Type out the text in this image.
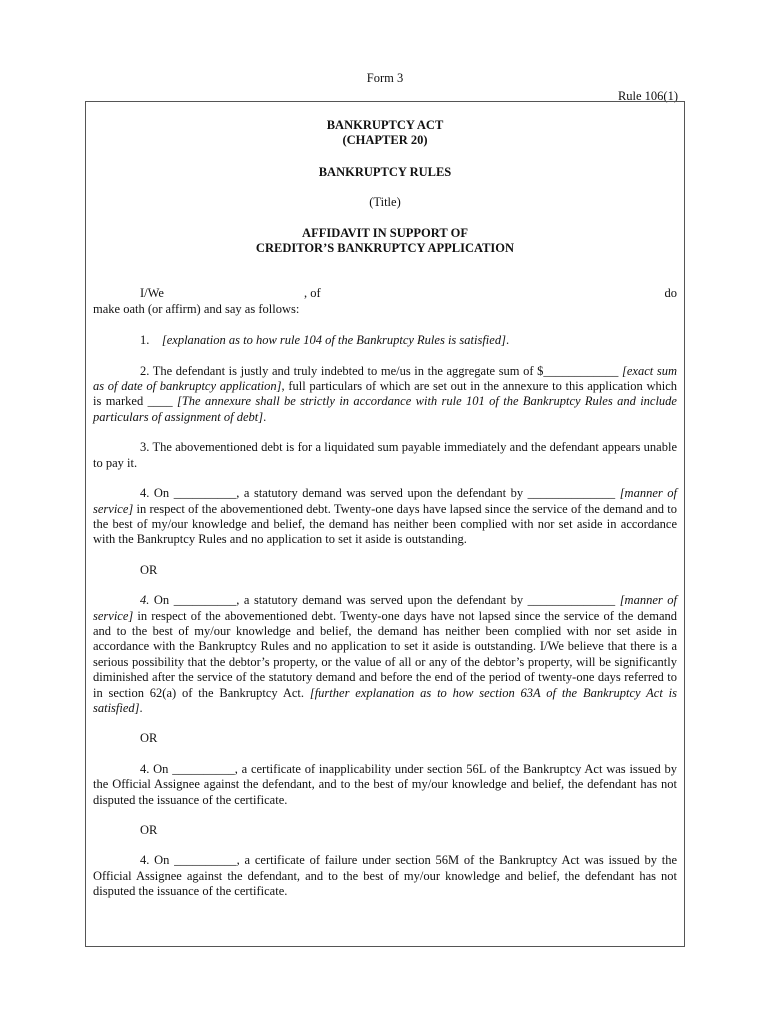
Form 3
Rule 106(1)

BANKRUPTCY ACT

(CHAPTER 20)

BANKRUPTCY RULES

(Title)

AFFIDAVIT IN SUPPORT OF

CREDITOR’S BANKRUPTCY APPLICATION

I/We	, of	do

make oath (or affirm) and say as follows:

1. [explanation as to how rule 104 of the Bankruptcy Rules is satisfied].

2. The defendant is justly and truly indebted to me/us in the aggregate sum of $____________ [exact sum as of date of bankruptcy application], full particulars of which are set out in the annexure to this application which is marked ____ [The annexure shall be strictly in accordance with rule 101 of the Bankruptcy Rules and include particulars of assignment of debt].

3. The abovementioned debt is for a liquidated sum payable immediately and the defendant appears unable to pay it.

4. On __________, a statutory demand was served upon the defendant by ______________ [manner of service] in respect of the abovementioned debt. Twenty-one days have lapsed since the service of the demand and to the best of my/our knowledge and belief, the demand has neither been complied with nor set aside in accordance with the Bankruptcy Rules and no application to set it aside is outstanding.

OR

4. On __________, a statutory demand was served upon the defendant by ______________ [manner of service] in respect of the abovementioned debt. Twenty-one days have not lapsed since the service of the demand and to the best of my/our knowledge and belief, the demand has neither been complied with nor set aside in accordance with the Bankruptcy Rules and no application to set it aside is outstanding. I/We believe that there is a serious possibility that the debtor’s property, or the value of all or any of the debtor’s property, will be significantly diminished after the service of the statutory demand and before the end of the period of twenty-one days referred to in section 62(a) of the Bankruptcy Act. [further explanation as to how section 63A of the Bankruptcy Act is satisfied].

OR

4. On __________, a certificate of inapplicability under section 56L of the Bankruptcy Act was issued by the Official Assignee against the defendant, and to the best of my/our knowledge and belief, the defendant has not disputed the issuance of the certificate.

OR

4. On __________, a certificate of failure under section 56M of the Bankruptcy Act was issued by the Official Assignee against the defendant, and to the best of my/our knowledge and belief, the defendant has not disputed the issuance of the certificate.
